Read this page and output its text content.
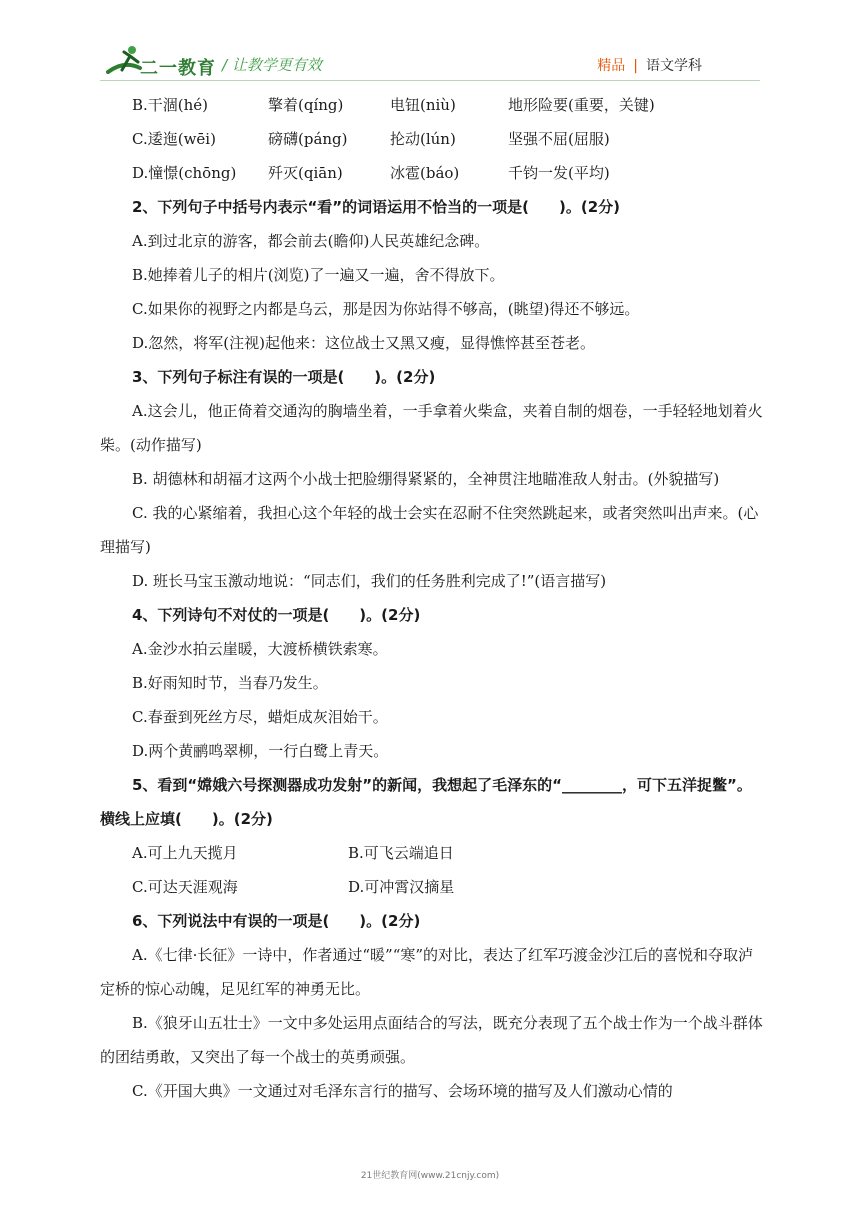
二一教育 / 让教学更有效	精品 | 语文学科
B.干涸(hé)	擎着(qíng)	电钮(niù)	地形险要(重要，关键)
C.逶迤(wēi)	磅礴(páng)	抡动(lún)	坚强不屈(屈服)
D.憧憬(chōng) 歼灭(qiān)	冰雹(báo)	千钧一发(平均)
2、下列句子中括号内表示“看”的词语运用不恰当的一项是(　　)。(2分)
A.到过北京的游客，都会前去(瞻仰)人民英雄纪念碑。
B.她捧着儿子的相片(浏览)了一遍又一遍，舍不得放下。
C.如果你的视野之内都是乌云，那是因为你站得不够高，(眺望)得还不够远。
D.忽然，将军(注视)起他来：这位战士又黑又瘦，显得憔悴甚至苍老。
3、下列句子标注有误的一项是(　　)。(2分)
A.这会儿，他正倚着交通沟的胸墙坐着，一手拿着火柴盒，夹着自制的烟卷，一手轻轻地划着火柴。(动作描写)
B. 胡德林和胡福才这两个小战士把脸绷得紧紧的，全神贯注地瞄准敌人射击。(外貌描写)
C. 我的心紧缩着，我担心这个年轻的战士会实在忍耐不住突然跳起来，或者突然叫出声来。(心理描写)
D. 班长马宝玉激动地说：“同志们，我们的任务胜利完成了!”(语言描写)
4、下列诗句不对仗的一项是(　　)。(2分)
A.金沙水拍云崖暖，大渡桥横铁索寒。
B.好雨知时节，当春乃发生。
C.春蚕到死丝方尽，蜡炬成灰泪始干。
D.两个黄鹂鸣翠柳，一行白鹭上青天。
5、看到“嫦娥六号探测器成功发射”的新闻，我想起了毛泽东的“________，可下五洋捉鳖”。横线上应填(　　)。(2分)
A.可上九天揽月	B.可飞云端追日
C.可达天涯观海	D.可冲霄汉摘星
6、下列说法中有误的一项是(　　)。(2分)
A.《七律·长征》一诗中，作者通过“暖”“寒”的对比，表达了红军巧渡金沙江后的喜悦和夺取泸定桥的惊心动魄，足见红军的神勇无比。
B.《狼牙山五壮士》一文中多处运用点面结合的写法，既充分表现了五个战士作为一个战斗群体的团结勇敢，又突出了每一个战士的英勇顽强。
C.《开国大典》一文通过对毛泽东言行的描写、会场环境的描写及人们激动心情的
21世纪教育网(www.21cnjy.com)
